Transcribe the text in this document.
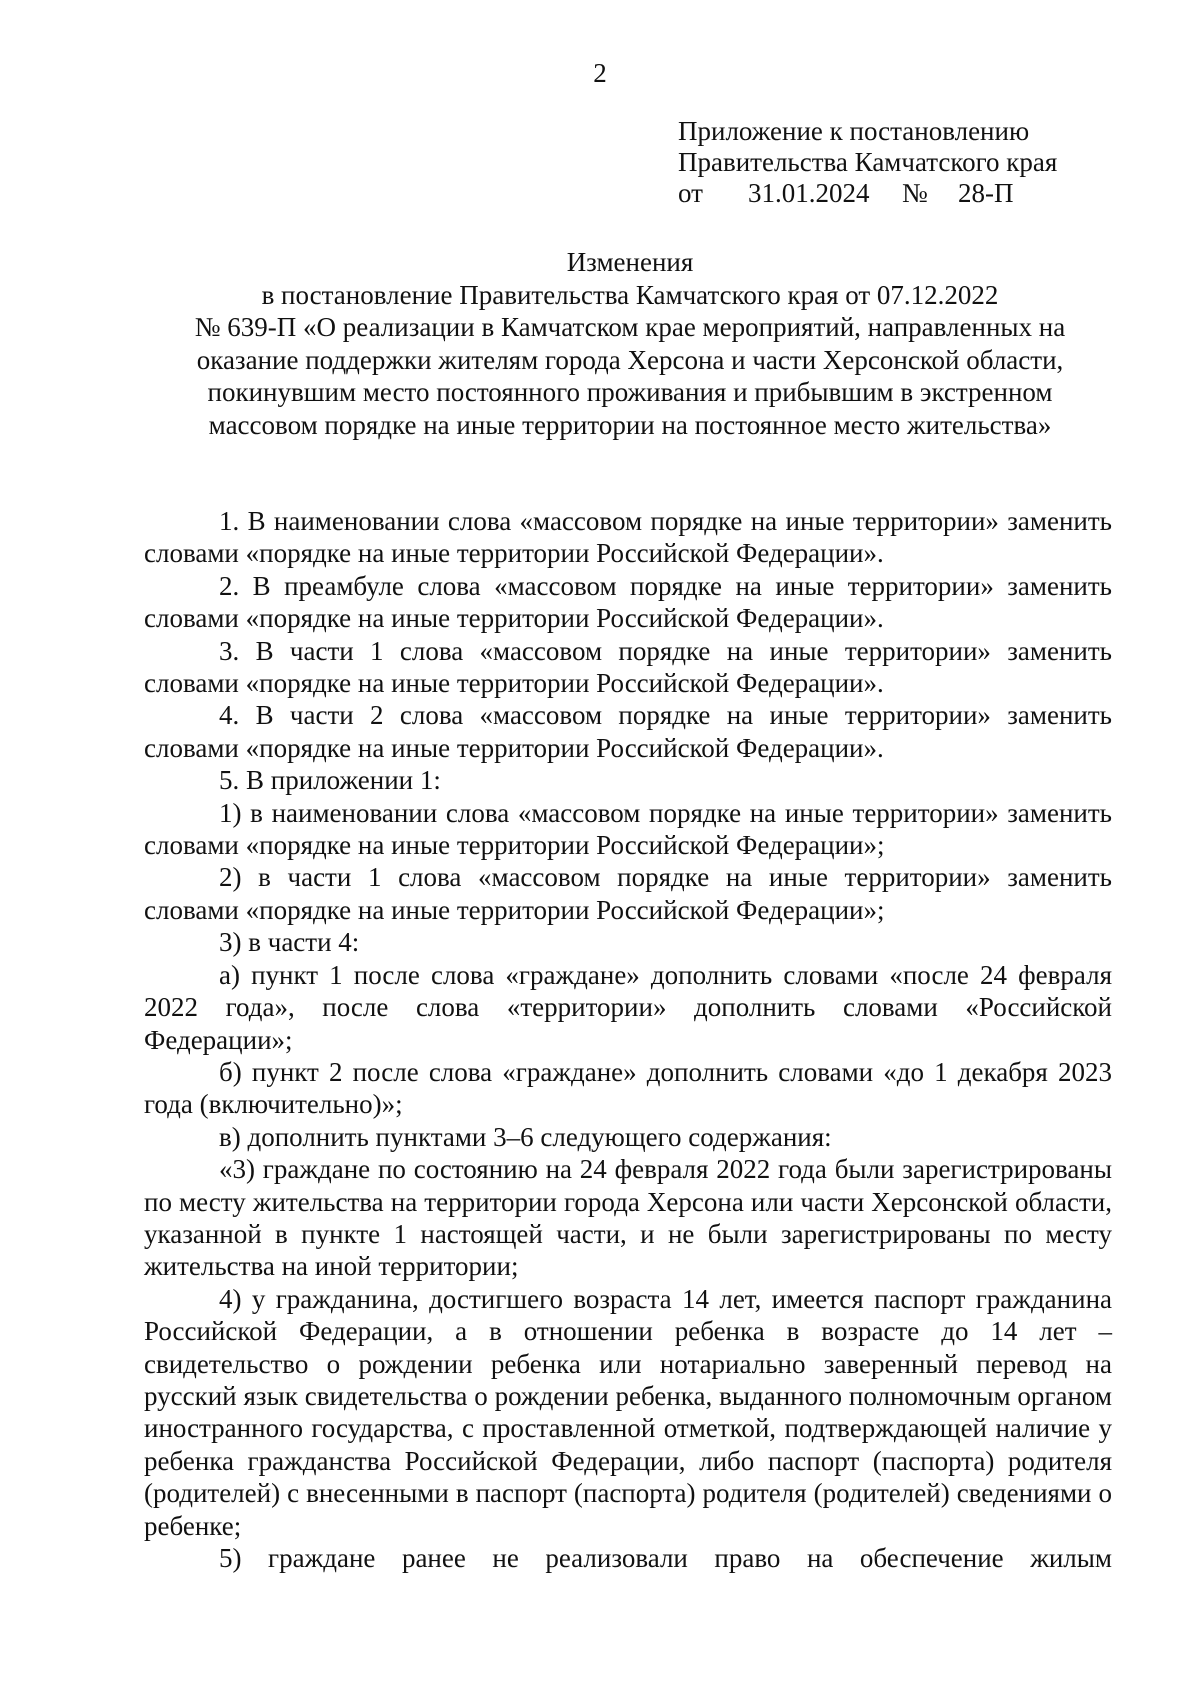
2
Приложение к постановлению
Правительства Камчатского края
от 31.01.2024 № 28-П
Изменения
в постановление Правительства Камчатского края от 07.12.2022
№ 639-П «О реализации в Камчатском крае мероприятий, направленных на
оказание поддержки жителям города Херсона и части Херсонской области,
покинувшим место постоянного проживания и прибывшим в экстренном
массовом порядке на иные территории на постоянное место жительства»

1. В наименовании слова «массовом порядке на иные территории» заменить словами «порядке на иные территории Российской Федерации».

2. В преамбуле слова «массовом порядке на иные территории» заменить словами «порядке на иные территории Российской Федерации».

3. В части 1 слова «массовом порядке на иные территории» заменить словами «порядке на иные территории Российской Федерации».

4. В части 2 слова «массовом порядке на иные территории» заменить словами «порядке на иные территории Российской Федерации».

5. В приложении 1:

1) в наименовании слова «массовом порядке на иные территории» заменить словами «порядке на иные территории Российской Федерации»;

2) в части 1 слова «массовом порядке на иные территории» заменить словами «порядке на иные территории Российской Федерации»;

3) в части 4:

а) пункт 1 после слова «граждане» дополнить словами «после 24 февраля 2022 года», после слова «территории» дополнить словами «Российской Федерации»;

б) пункт 2 после слова «граждане» дополнить словами «до 1 декабря 2023 года (включительно)»;

в) дополнить пунктами 3–6 следующего содержания:

«3) граждане по состоянию на 24 февраля 2022 года были зарегистрированы по месту жительства на территории города Херсона или части Херсонской области, указанной в пункте 1 настоящей части, и не были зарегистрированы по месту жительства на иной территории;

4) у гражданина, достигшего возраста 14 лет, имеется паспорт гражданина Российской Федерации, а в отношении ребенка в возрасте до 14 лет – свидетельство о рождении ребенка или нотариально заверенный перевод на русский язык свидетельства о рождении ребенка, выданного полномочным органом иностранного государства, с проставленной отметкой, подтверждающей наличие у ребенка гражданства Российской Федерации, либо паспорт (паспорта) родителя (родителей) с внесенными в паспорт (паспорта) родителя (родителей) сведениями о ребенке;

5) граждане ранее не реализовали право на обеспечение жилым
